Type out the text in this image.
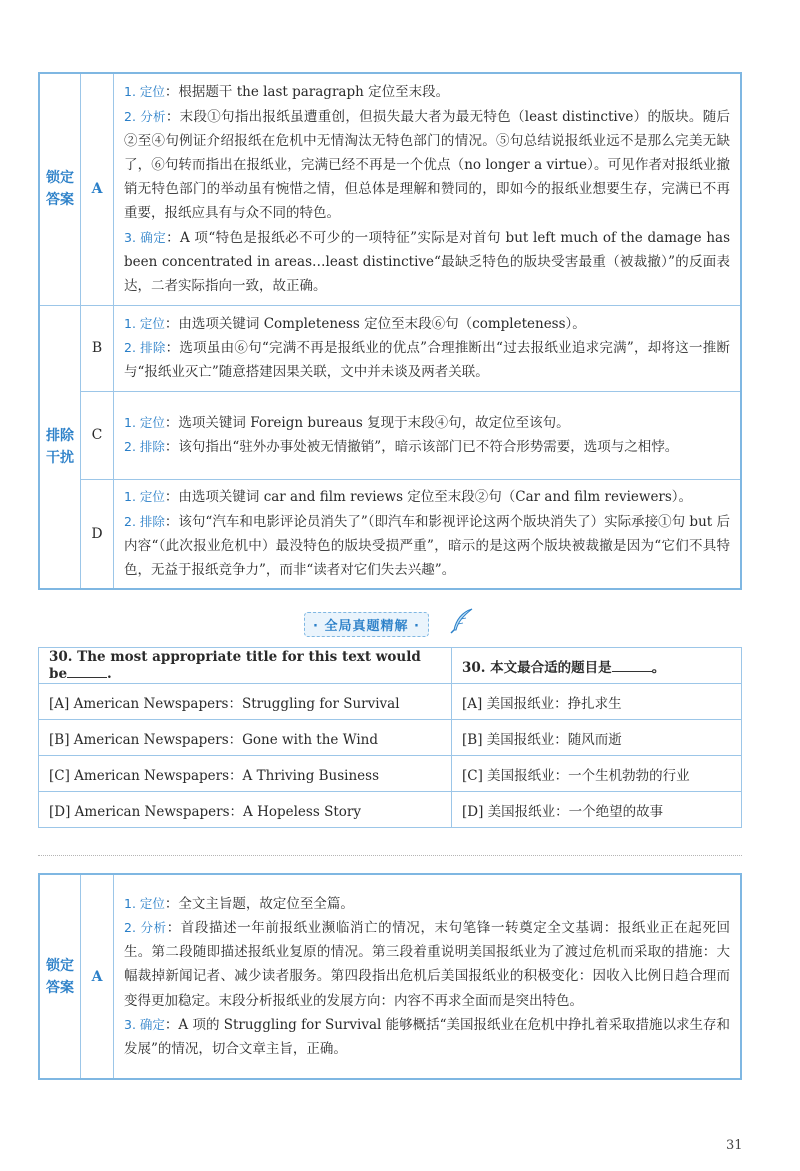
锁定答案	A	1. 定位：根据题干 the last paragraph 定位至末段。

2. 分析：末段①句指出报纸虽遭重创，但损失最大者为最无特色（least distinctive）的版块。随后②至④句例证介绍报纸在危机中无情淘汰无特色部门的情况。⑤句总结说报纸业远不是那么完美无缺了，⑥句转而指出在报纸业，完满已经不再是一个优点（no longer a virtue）。可见作者对报纸业撤销无特色部门的举动虽有惋惜之情，但总体是理解和赞同的，即如今的报纸业想要生存，完满已不再重要，报纸应具有与众不同的特色。

3. 确定：A 项“特色是报纸必不可少的一项特征”实际是对首句 but left much of the damage has been concentrated in areas…least distinctive“最缺乏特色的版块受害最重（被裁撤）”的反面表达，二者实际指向一致，故正确。

排除干扰	B	1. 定位：由选项关键词 Completeness 定位至末段⑥句（completeness）。

2. 排除：选项虽由⑥句“完满不再是报纸业的优点”合理推断出“过去报纸业追求完满”，却将这一推断与“报纸业灭亡”随意搭建因果关联，文中并未谈及两者关联。

	C	1. 定位：选项关键词 Foreign bureaus 复现于末段④句，故定位至该句。

2. 排除：该句指出“驻外办事处被无情撤销”，暗示该部门已不符合形势需要，选项与之相悖。

	D	1. 定位：由选项关键词 car and film reviews 定位至末段②句（Car and film reviewers）。

2. 排除：该句“汽车和电影评论员消失了”（即汽车和影视评论这两个版块消失了）实际承接①句 but 后内容“（此次报业危机中）最没特色的版块受损严重”，暗示的是这两个版块被裁撤是因为“它们不具特色，无益于报纸竞争力”，而非“读者对它们失去兴趣”。

· 全局真题精解 ·
30. The most appropriate title for this text would be .	30. 本文最合适的题目是 。
[A] American Newspapers：Struggling for Survival	[A] 美国报纸业：挣扎求生
[B] American Newspapers：Gone with the Wind	[B] 美国报纸业：随风而逝
[C] American Newspapers：A Thriving Business	[C] 美国报纸业：一个生机勃勃的行业
[D] American Newspapers：A Hopeless Story	[D] 美国报纸业：一个绝望的故事
锁定答案	A	

1. 定位：全文主旨题，故定位至全篇。

2. 分析：首段描述一年前报纸业濒临消亡的情况，末句笔锋一转奠定全文基调：报纸业正在起死回生。第二段随即描述报纸业复原的情况。第三段着重说明美国报纸业为了渡过危机而采取的措施：大幅裁掉新闻记者、减少读者服务。第四段指出危机后美国报纸业的积极变化：因收入比例日趋合理而变得更加稳定。末段分析报纸业的发展方向：内容不再求全面而是突出特色。

3. 确定：A 项的 Struggling for Survival 能够概括“美国报纸业在危机中挣扎着采取措施以求生存和发展”的情况，切合文章主旨，正确。

31
